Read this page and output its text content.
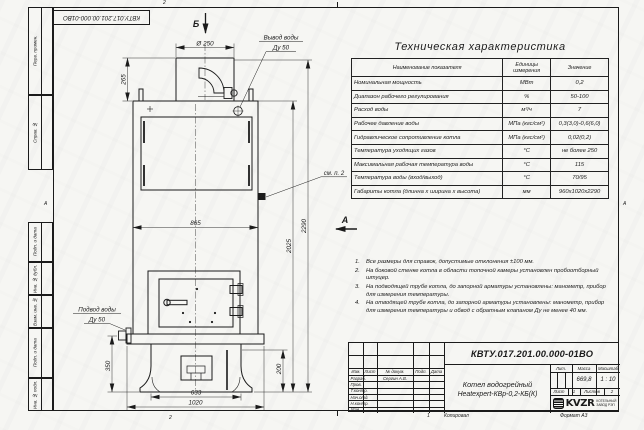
КВТУ.017.201.00.000-01ВО
2
2
А	А
Перв. примен.
Справ. №
Подп. и дата
Инв. № дубл.
Взам. инв. №
Подп. и дата
Инв. № подл.
Ø 250
265
865
2025
2290
350	200
633
1020
Б
А
Вывод воды
Ду 50
Подвод воды
Ду 50
см. п. 2
Техническая характеристика
Наименование показателя	Единицы измерения	Значение
Номинальная мощность	МВт	0,2
Диапазон рабочего регулирования	%	50-100
Расход воды	м³/ч	7
Рабочее давление воды	МПа (кгс/см²)	0,3(3,0)-0,6(6,0)
Гидравлическое сопротивление котла	МПа (кгс/см²)	0,02(0,2)
Температура уходящих газов	°С	не более 250
Максимальная рабочая температура воды	°С	115
Температура воды (вход/выход)	°С	70/95
Габариты котла (длинна х ширина х высота)	мм	960х1020х2290
1.	Все размеры для справок, допустимые отклонения ±100 мм.
2.	На боковой стенке котла в области топочной камеры установлен пробоотборный штуцер.
3.	На подводящей трубе котла, до запорной арматуры установлены: манометр, прибор для измерения температуры.
4.	На отводящей трубе котла, до запорной арматуры установлены: манометр, прибор для измерения температуры и обвод с обратным клапаном Ду не менее 40 мм.
Изм. Лист	№ докум.	Подп. Дата
Разраб.	Сергин А.В.
Пров.
Т.контр.
Нач.отд.
Н.контр.
Утв.
КВТУ.017.201.00.000-01ВО
Котел водогрейный
Heatexpert-КВр-0,2-КБ(К)
Лит.	Масса	Масштаб
669,8	1 : 10
Лист	1	Листов	2
KVZR КОТЕЛЬНЫЙ
ЗАВОД РЭП
1	Копировал	Формат А3
